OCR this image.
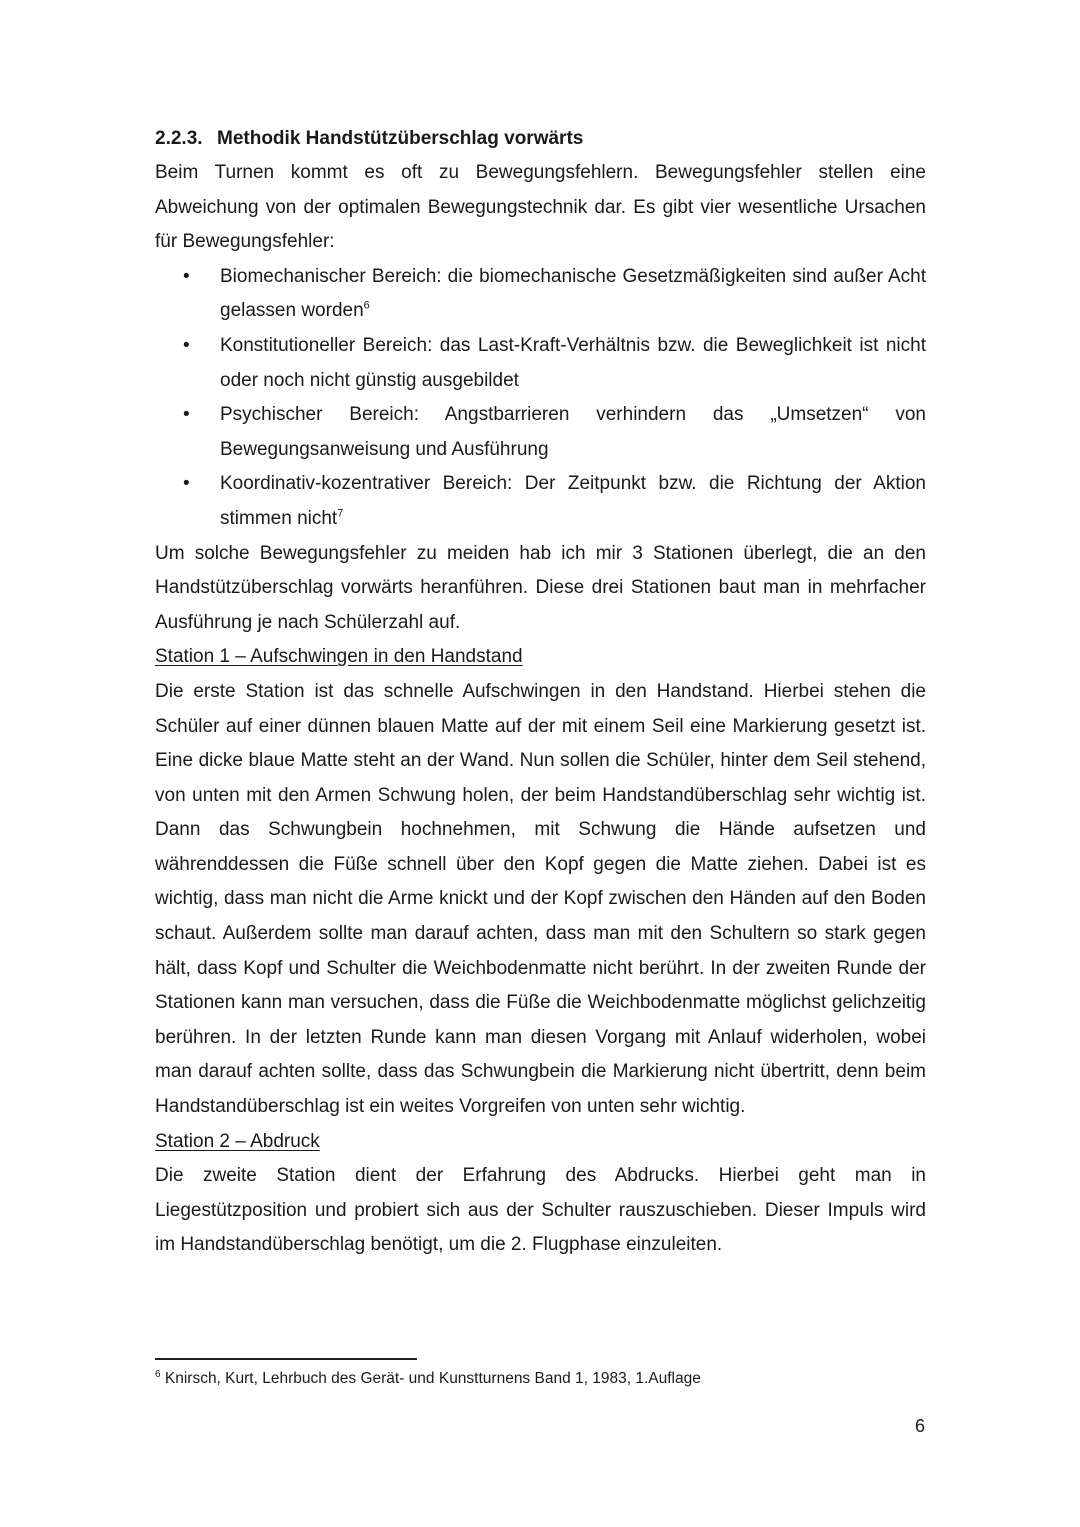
2.2.3. Methodik Handstützüberschlag vorwärts

Beim Turnen kommt es oft zu Bewegungsfehlern. Bewegungsfehler stellen eine Abweichung von der optimalen Bewegungstechnik dar. Es gibt vier wesentliche Ursachen für Bewegungsfehler:

• Biomechanischer Bereich: die biomechanische Gesetzmäßigkeiten sind außer Acht gelassen worden$^6$
• Konstitutioneller Bereich: das Last-Kraft-Verhältnis bzw. die Beweglichkeit ist nicht oder noch nicht günstig ausgebildet
• Psychischer Bereich: Angstbarrieren verhindern das „Umsetzen“ von Bewegungsanweisung und Ausführung
• Koordinativ-kozentrativer Bereich: Der Zeitpunkt bzw. die Richtung der Aktion stimmen nicht$^7$

Um solche Bewegungsfehler zu meiden hab ich mir 3 Stationen überlegt, die an den Handstützüberschlag vorwärts heranführen. Diese drei Stationen baut man in mehrfacher Ausführung je nach Schülerzahl auf.

Station 1 – Aufschwingen in den Handstand

Die erste Station ist das schnelle Aufschwingen in den Handstand. Hierbei stehen die Schüler auf einer dünnen blauen Matte auf der mit einem Seil eine Markierung gesetzt ist. Eine dicke blaue Matte steht an der Wand. Nun sollen die Schüler, hinter dem Seil stehend, von unten mit den Armen Schwung holen, der beim Handstandüberschlag sehr wichtig ist. Dann das Schwungbein hochnehmen, mit Schwung die Hände aufsetzen und währenddessen die Füße schnell über den Kopf gegen die Matte ziehen. Dabei ist es wichtig, dass man nicht die Arme knickt und der Kopf zwischen den Händen auf den Boden schaut. Außerdem sollte man darauf achten, dass man mit den Schultern so stark gegen hält, dass Kopf und Schulter die Weichbodenmatte nicht berührt. In der zweiten Runde der Stationen kann man versuchen, dass die Füße die Weichbodenmatte möglichst gelichzeitig berühren. In der letzten Runde kann man diesen Vorgang mit Anlauf widerholen, wobei man darauf achten sollte, dass das Schwungbein die Markierung nicht übertritt, denn beim Handstandüberschlag ist ein weites Vorgreifen von unten sehr wichtig.

Station 2 – Abdruck

Die zweite Station dient der Erfahrung des Abdrucks. Hierbei geht man in Liegestützposition und probiert sich aus der Schulter rauszuschieben. Dieser Impuls wird im Handstandüberschlag benötigt, um die 2. Flugphase einzuleiten.

$^6$ Knirsch, Kurt, Lehrbuch des Gerät- und Kunstturnens Band 1, 1983, 1.Auflage
6
